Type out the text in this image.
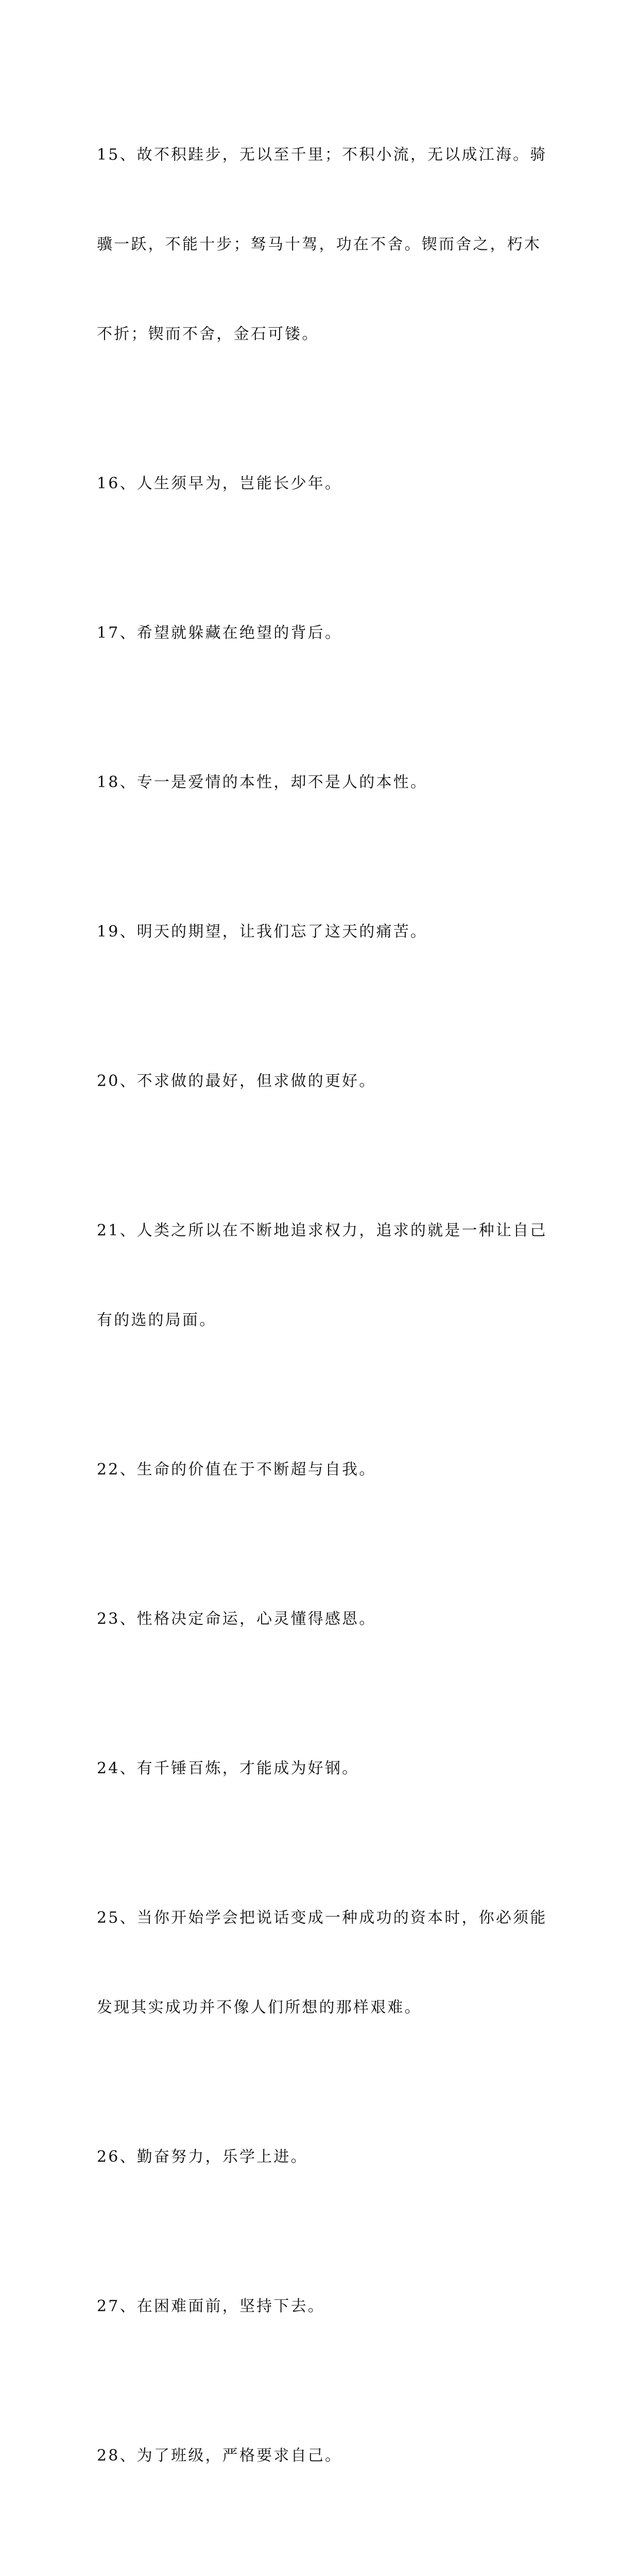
15、故不积跬步，无以至千里；不积小流，无以成江海。骑

骥一跃，不能十步；驽马十驾，功在不舍。锲而舍之，朽木

不折；锲而不舍，金石可镂。

16、人生须早为，岂能长少年。

17、希望就躲藏在绝望的背后。

18、专一是爱情的本性，却不是人的本性。

19、明天的期望，让我们忘了这天的痛苦。

20、不求做的最好，但求做的更好。

21、人类之所以在不断地追求权力，追求的就是一种让自己

有的选的局面。

22、生命的价值在于不断超与自我。

23、性格决定命运，心灵懂得感恩。

24、有千锤百炼，才能成为好钢。

25、当你开始学会把说话变成一种成功的资本时，你必须能

发现其实成功并不像人们所想的那样艰难。

26、勤奋努力，乐学上进。

27、在困难面前，坚持下去。

28、为了班级，严格要求自己。
